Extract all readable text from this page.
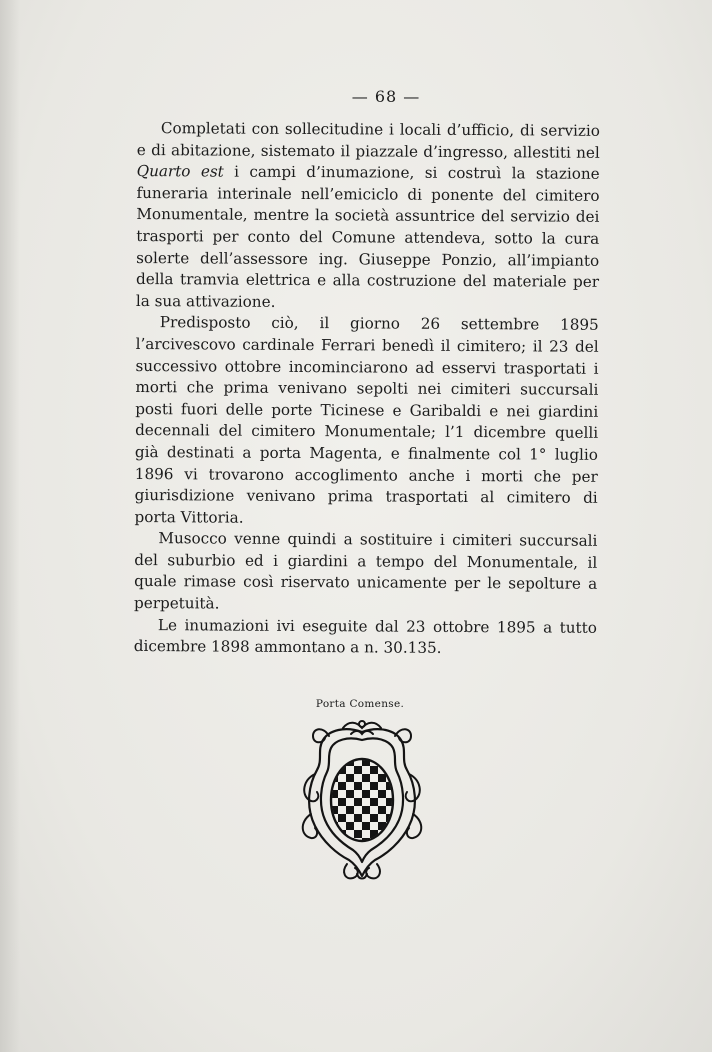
— 68 —

Completati con sollecitudine i locali d’ufficio, di servizio e di abitazione, sistemato il piazzale d’ingresso, allestiti nel Quarto est i campi d’inumazione, si costruì la stazione funeraria interinale nell’emiciclo di ponente del cimitero Monumentale, mentre la società assuntrice del servizio dei trasporti per conto del Comune attendeva, sotto la cura solerte dell’assessore ing. Giuseppe Ponzio, all’impianto della tramvia elettrica e alla costruzione del materiale per la sua attivazione.

Predisposto ciò, il giorno 26 settembre 1895 l’arcivescovo cardinale Ferrari benedì il cimitero; il 23 del successivo ottobre incominciarono ad esservi trasportati i morti che prima venivano sepolti nei cimiteri succursali posti fuori delle porte Ticinese e Garibaldi e nei giardini decennali del cimitero Monumentale; l’1 dicembre quelli già destinati a porta Magenta, e finalmente col 1° luglio 1896 vi trovarono accoglimento anche i morti che per giurisdizione venivano prima trasportati al cimitero di porta Vittoria.

Musocco venne quindi a sostituire i cimiteri succursali del suburbio ed i giardini a tempo del Monumentale, il quale rimase così riservato unicamente per le sepolture a perpetuità.

Le inumazioni ivi eseguite dal 23 ottobre 1895 a tutto dicembre 1898 ammontano a n. 30.135.

Porta Comense.
